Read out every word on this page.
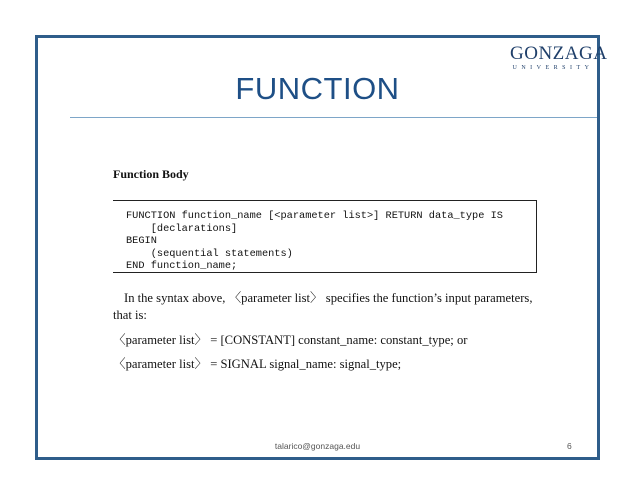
GONZAGA
UNIVERSITY
FUNCTION
Function Body
FUNCTION function_name [<parameter list>] RETURN data_type IS
[declarations]
BEGIN
(sequential statements)
END function_name;
In the syntax above, 〈parameter list〉 specifies the function’s input parameters, that is:
〈parameter list〉 = [CONSTANT] constant_name: constant_type; or
〈parameter list〉 = SIGNAL signal_name: signal_type;
talarico@gonzaga.edu	6
